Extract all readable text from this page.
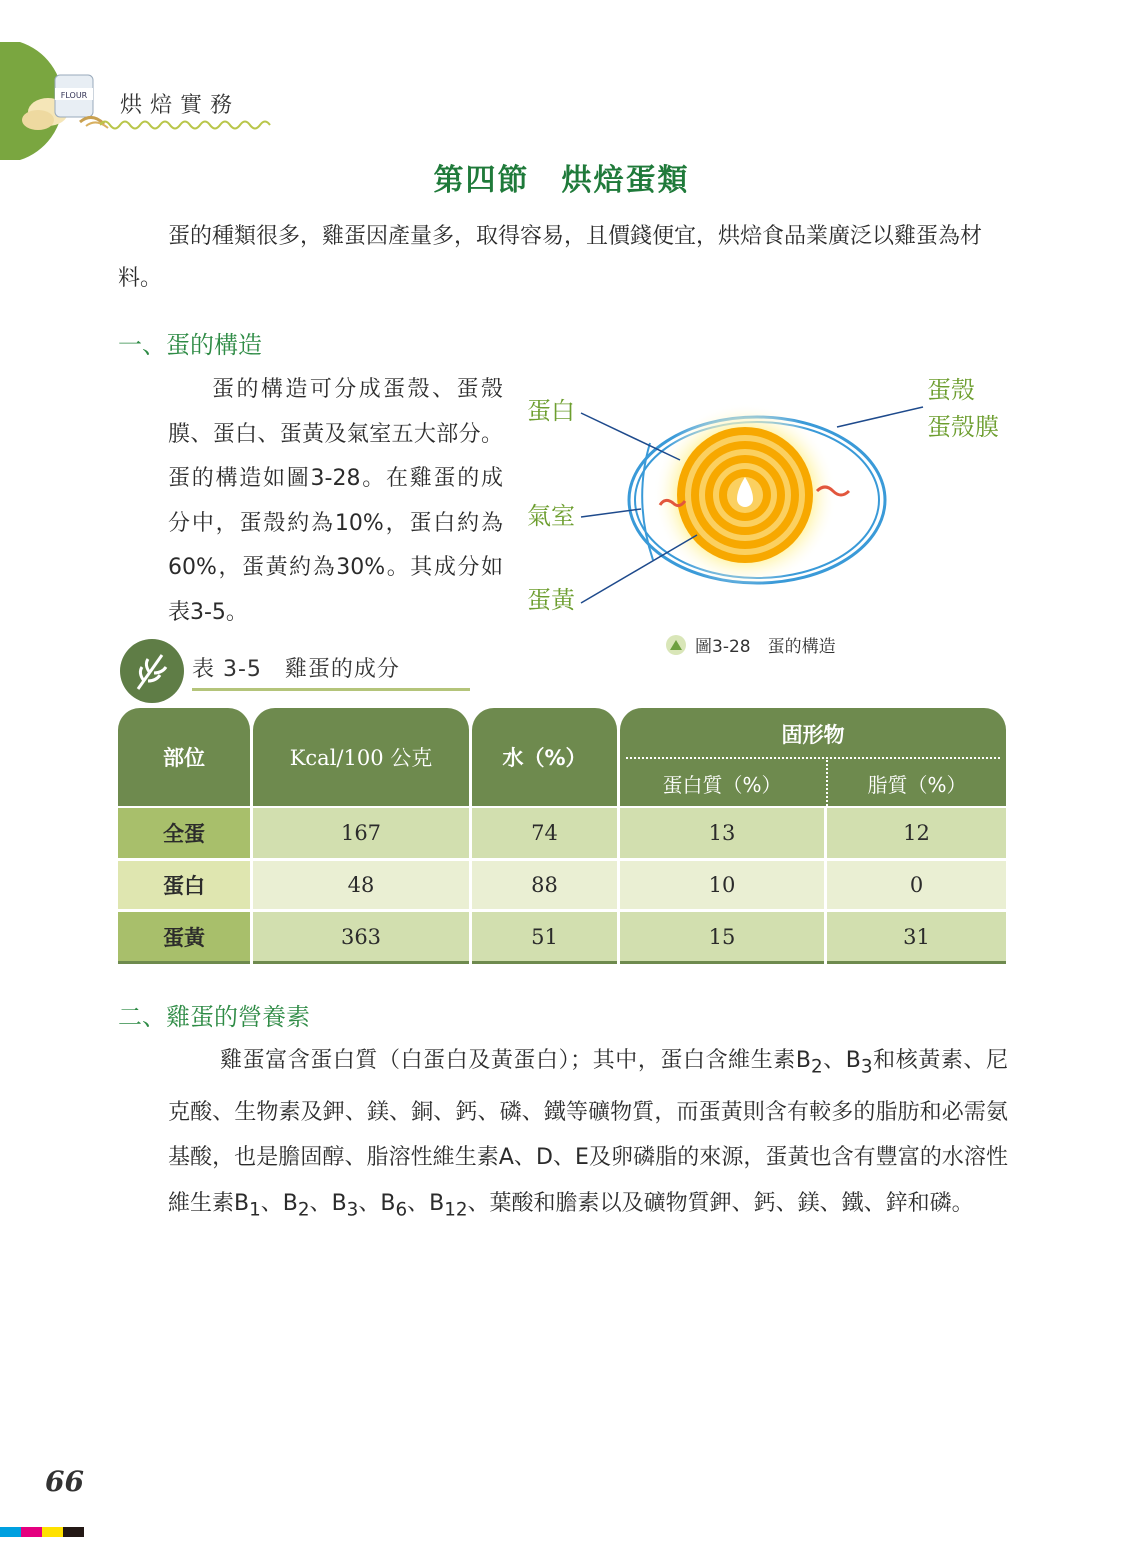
FLOUR 烘焙實務
第四節　烘焙蛋類
蛋的種類很多，雞蛋因產量多，取得容易，且價錢便宜，烘焙食品業廣泛以雞蛋為材料。
一、蛋的構造
蛋的構造可分成蛋殼、蛋殼膜、蛋白、蛋黃及氣室五大部分。蛋的構造如圖3-28。在雞蛋的成分中，蛋殼約為10%，蛋白約為60%，蛋黃約為30%。其成分如表3-5。
蛋白
氣室
蛋黃
蛋殼
蛋殼膜
圖3-28　蛋的構造
表 3-5　雞蛋的成分
部位	Kcal/100 公克	水（%）
固形物
蛋白質（%）	脂質（%）
全蛋	167	74	13	12
蛋白	48	88	10	0
蛋黃	363	51	15	31
二、雞蛋的營養素
雞蛋富含蛋白質（白蛋白及黃蛋白）；其中，蛋白含維生素$B_2$、$B_3$和核黃素、尼克酸、生物素及鉀、鎂、銅、鈣、磷、鐵等礦物質，而蛋黃則含有較多的脂肪和必需氨基酸，也是膽固醇、脂溶性維生素A、D、E及卵磷脂的來源，蛋黃也含有豐富的水溶性維生素$B_1$、$B_2$、$B_3$、$B_6$、$B_{12}$、葉酸和膽素以及礦物質鉀、鈣、鎂、鐵、鋅和磷。
66
